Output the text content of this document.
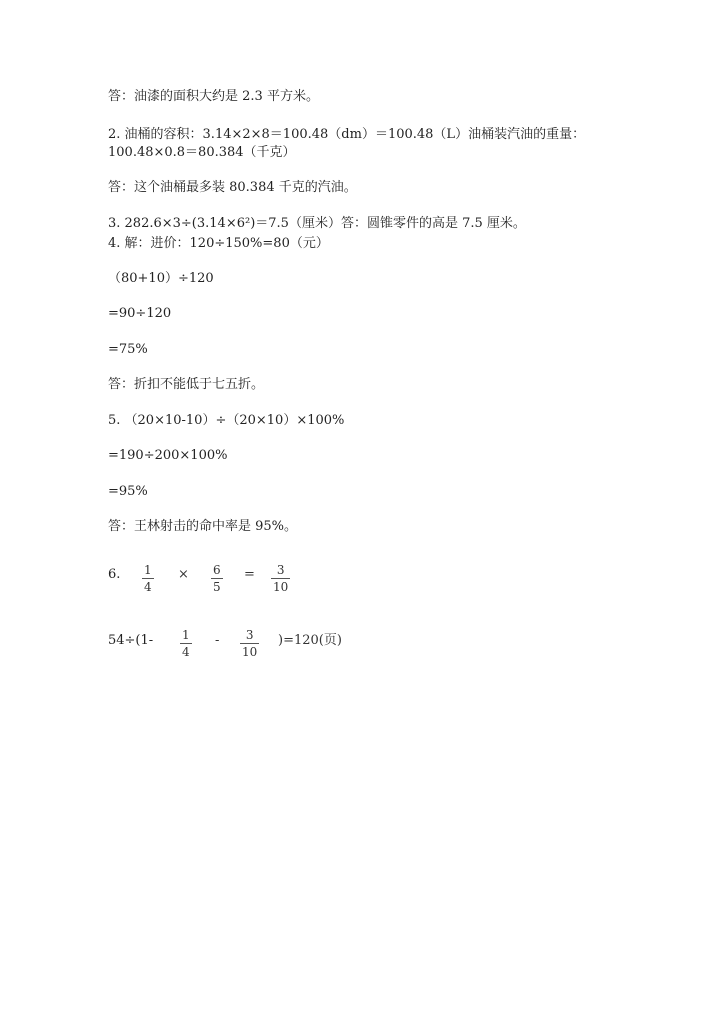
答：油漆的面积大约是 2.3 平方米。
2. 油桶的容积：3.14×2×8＝100.48（dm）＝100.48（L）油桶装汽油的重量：
100.48×0.8＝80.384（千克）
答：这个油桶最多装 80.384 千克的汽油。
3. 282.6×3÷(3.14×6²)＝7.5（厘米）答：圆锥零件的高是 7.5 厘米。
4. 解：进价：120÷150%=80（元）
（80+10）÷120
=90÷120
=75%
答：折扣不能低于七五折。
5. （20×10-10）÷（20×10）×100%
=190÷200×100%
=95%
答：王林射击的命中率是 95%。
6. 1
4
× 6
5
=	3
10
54÷(1- 1
4
-	3
10
)=120(页)
